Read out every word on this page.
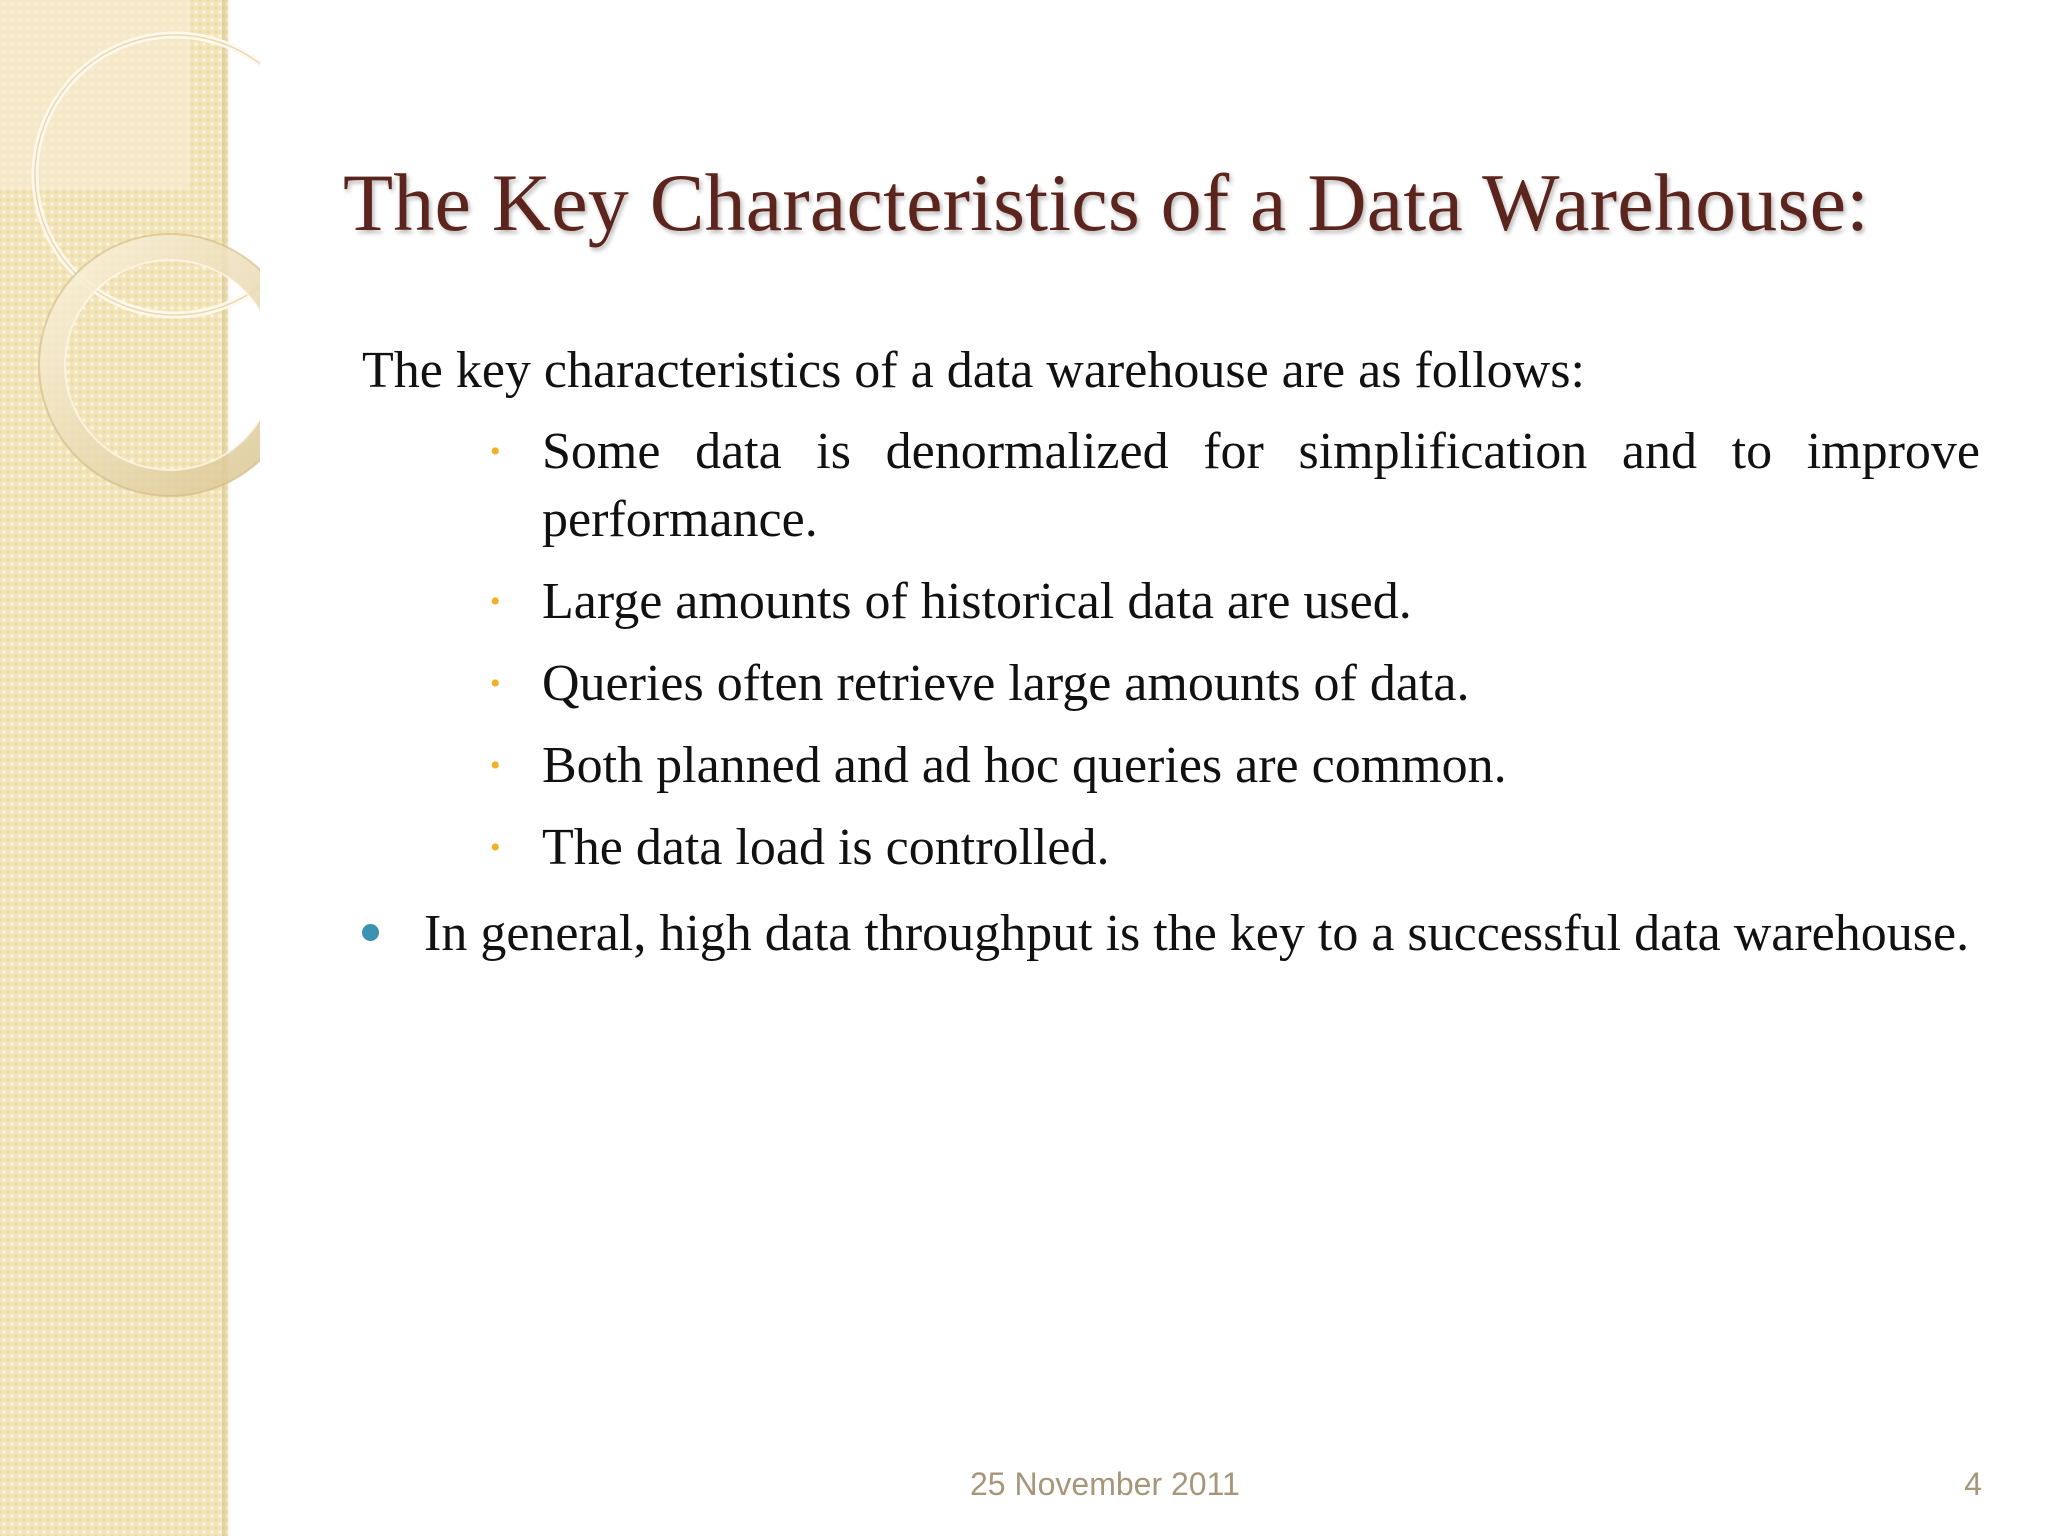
The Key Characteristics of a Data Warehouse:

The key characteristics of a data warehouse are as follows:

• Some data is denormalized for simplification and to improve performance.
• Large amounts of historical data are used.
• Queries often retrieve large amounts of data.
• Both planned and ad hoc queries are common.
• The data load is controlled.
In general, high data throughput is the key to a successful data warehouse.
25 November 2011	4
